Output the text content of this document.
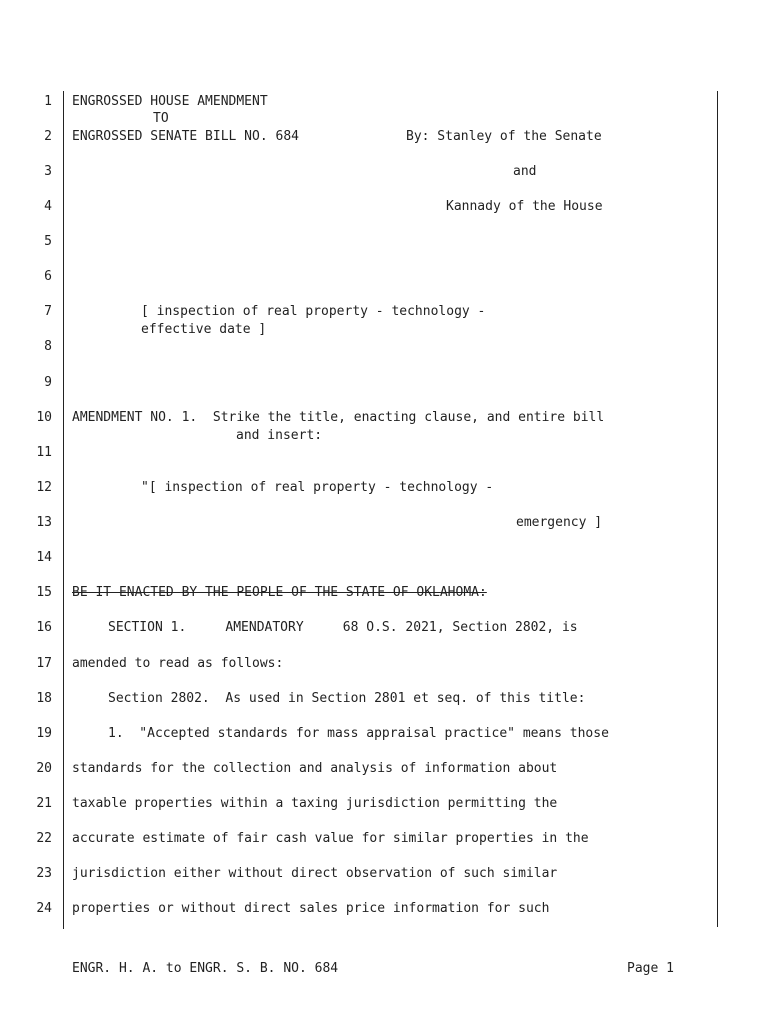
1
2
3
4
5
6
7
8
9
10
11
12
13
14
15
16
17
18
19
20
21
22
23
24
ENGROSSED HOUSE AMENDMENT
TO
ENGROSSED SENATE BILL NO. 684	By: Stanley of the Senate
and
Kannady of the House
[ inspection of real property - technology -
effective date ]
AMENDMENT NO. 1.  Strike the title, enacting clause, and entire bill
and insert:
"[ inspection of real property - technology -
emergency ]
BE IT ENACTED BY THE PEOPLE OF THE STATE OF OKLAHOMA:
SECTION 1.     AMENDATORY     68 O.S. 2021, Section 2802, is
amended to read as follows:
Section 2802.  As used in Section 2801 et seq. of this title:
1.  "Accepted standards for mass appraisal practice" means those
standards for the collection and analysis of information about
taxable properties within a taxing jurisdiction permitting the
accurate estimate of fair cash value for similar properties in the
jurisdiction either without direct observation of such similar
properties or without direct sales price information for such
ENGR. H. A. to ENGR. S. B. NO. 684	Page 1
